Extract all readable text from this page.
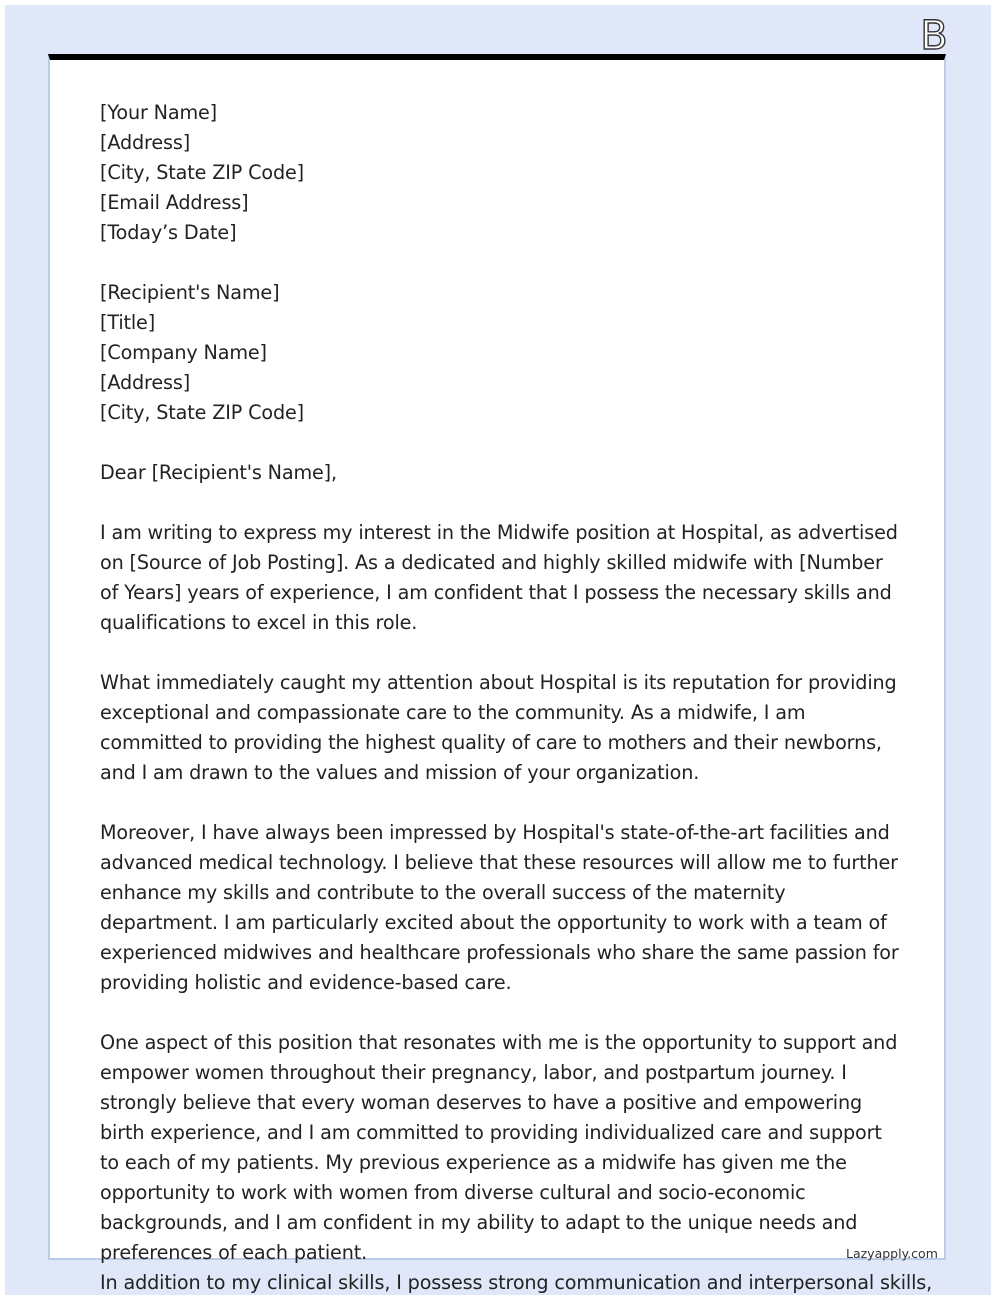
B
[Your Name]
[Address]
[City, State ZIP Code]
[Email Address]
[Today’s Date]
[Recipient's Name]
[Title]
[Company Name]
[Address]
[City, State ZIP Code]

Dear [Recipient's Name],

I am writing to express my interest in the Midwife position at Hospital, as advertised on [Source of Job Posting]. As a dedicated and highly skilled midwife with [Number of Years] years of experience, I am confident that I possess the necessary skills and qualifications to excel in this role.

What immediately caught my attention about Hospital is its reputation for providing exceptional and compassionate care to the community. As a midwife, I am committed to providing the highest quality of care to mothers and their newborns, and I am drawn to the values and mission of your organization.

Moreover, I have always been impressed by Hospital's state-of-the-art facilities and advanced medical technology. I believe that these resources will allow me to further enhance my skills and contribute to the overall success of the maternity department. I am particularly excited about the opportunity to work with a team of experienced midwives and healthcare professionals who share the same passion for providing holistic and evidence-based care.

One aspect of this position that resonates with me is the opportunity to support and empower women throughout their pregnancy, labor, and postpartum journey. I strongly believe that every woman deserves to have a positive and empowering birth experience, and I am committed to providing individualized care and support to each of my patients. My previous experience as a midwife has given me the opportunity to work with women from diverse cultural and socio-economic backgrounds, and I am confident in my ability to adapt to the unique needs and preferences of each patient.	Lazyapply.com
In addition to my clinical skills, I possess strong communication and interpersonal skills,
